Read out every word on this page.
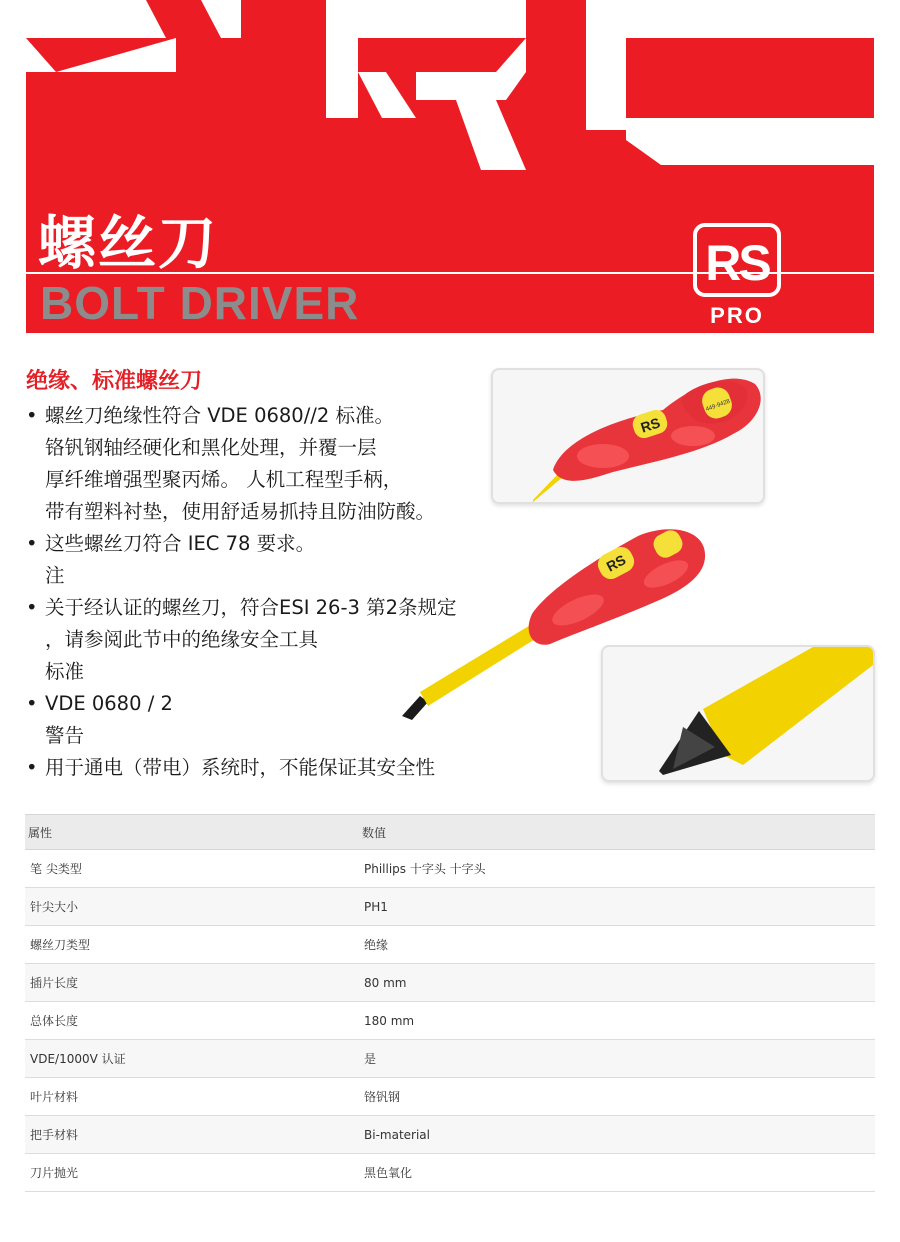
螺丝刀
BOLT DRIVER
RS
PRO
绝缘、标准螺丝刀
• 螺丝刀绝缘性符合 VDE 0680//2 标准。
铬钒钢轴经硬化和黑化处理，并覆一层
厚纤维增强型聚丙烯。 人机工程型手柄，
带有塑料衬垫，使用舒适易抓持且防油防酸。
• 这些螺丝刀符合 IEC 78 要求。
注
• 关于经认证的螺丝刀，符合ESI 26-3 第2条规定
，请参阅此节中的绝缘安全工具
标准
• VDE 0680 / 2
警告
• 用于通电（带电）系统时，不能保证其安全性
RS
449-9428
RS
属性	数值
笔 尖类型	Phillips 十字头 十字头
针尖大小	PH1
螺丝刀类型	绝缘
插片长度	80 mm
总体长度	180 mm
VDE/1000V 认证	是
叶片材料	铬钒钢
把手材料	Bi-material
刀片抛光	黑色氧化
